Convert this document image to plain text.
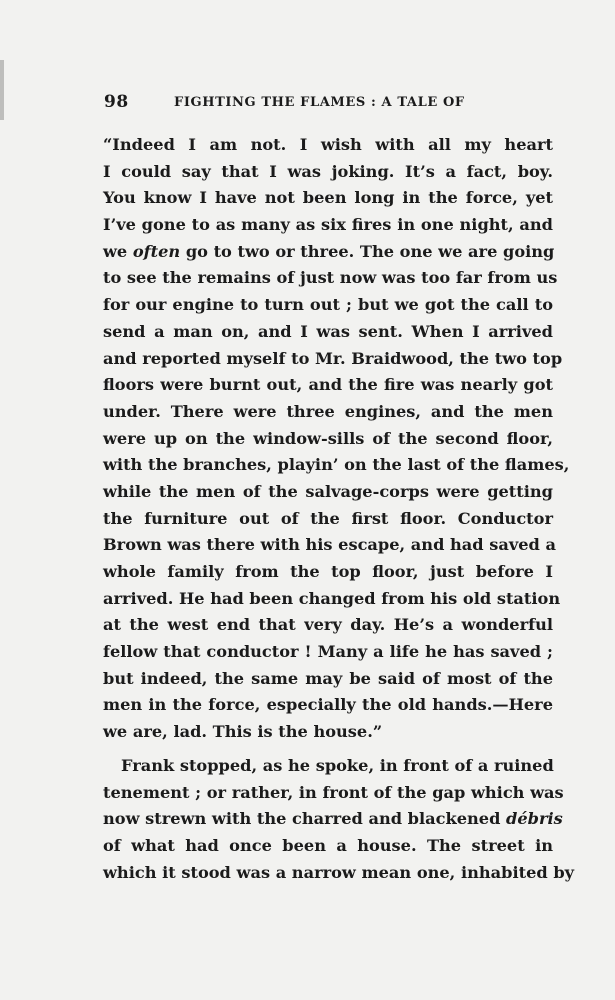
98	FIGHTING THE FLAMES : A TALE OF

“Indeed I am not. I wish with all my heart
I could say that I was joking. It’s a fact, boy.
You know I have not been long in the force, yet
I’ve gone to as many as six fires in one night, and
we often go to two or three. The one we are going
to see the remains of just now was too far from us
for our engine to turn out ; but we got the call to
send a man on, and I was sent. When I arrived
and reported myself to Mr. Braidwood, the two top
floors were burnt out, and the fire was nearly got
under. There were three engines, and the men
were up on the window-sills of the second floor,
with the branches, playin’ on the last of the flames,
while the men of the salvage-corps were getting
the furniture out of the first floor. Conductor
Brown was there with his escape, and had saved a
whole family from the top floor, just before I
arrived. He had been changed from his old station
at the west end that very day. He’s a wonderful
fellow that conductor ! Many a life he has saved ;
but indeed, the same may be said of most of the
men in the force, especially the old hands.—Here
we are, lad. This is the house.”

Frank stopped, as he spoke, in front of a ruined
tenement ; or rather, in front of the gap which was
now strewn with the charred and blackened débris
of what had once been a house. The street in
which it stood was a narrow mean one, inhabited by
